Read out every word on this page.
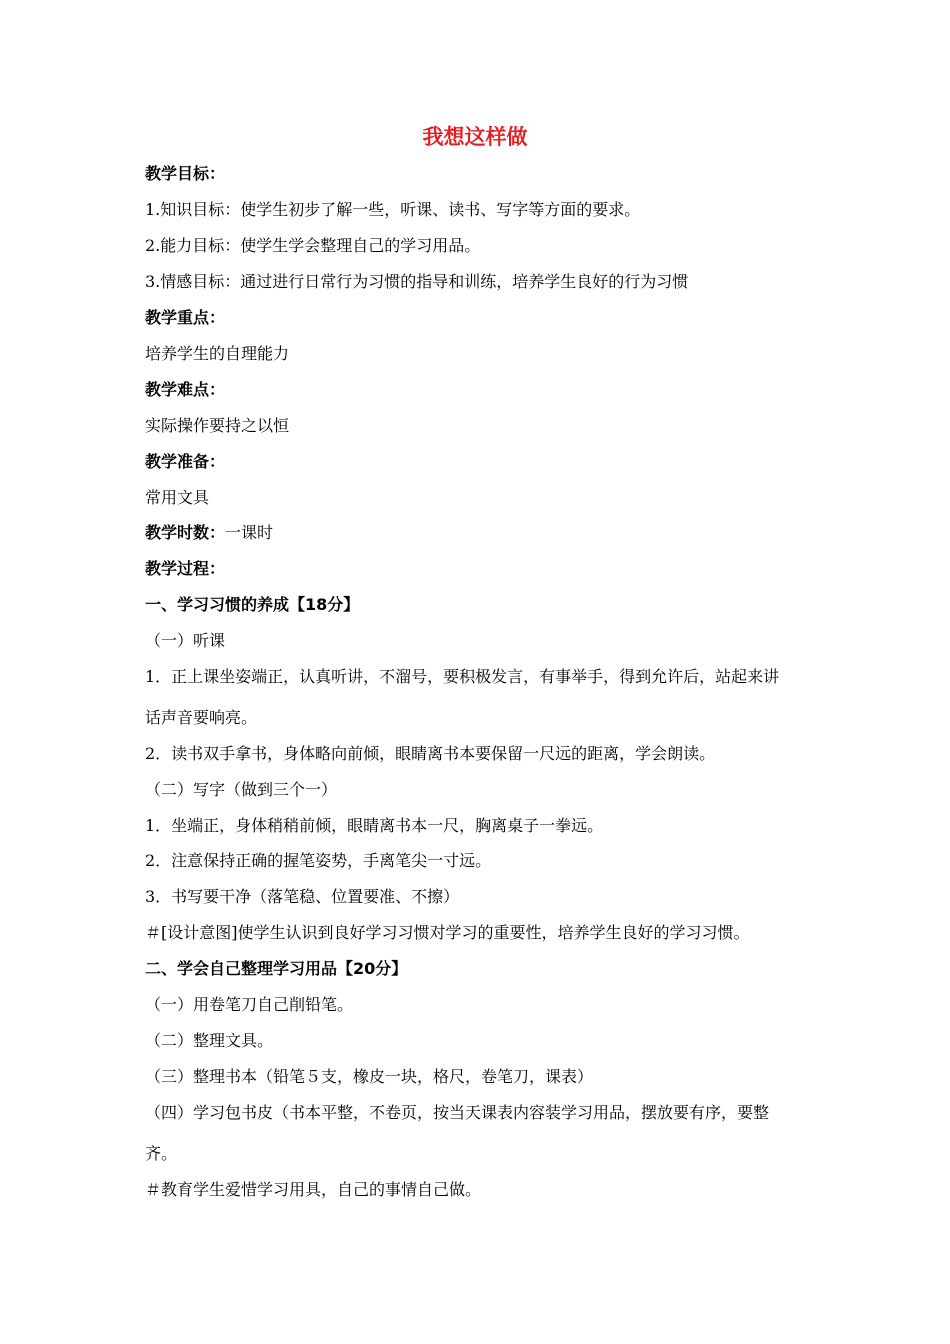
我想这样做
教学目标：
1.知识目标：使学生初步了解一些，听课、读书、写字等方面的要求。
2.能力目标：使学生学会整理自己的学习用品。
3.情感目标：通过进行日常行为习惯的指导和训练，培养学生良好的行为习惯
教学重点：
培养学生的自理能力
教学难点：
实际操作要持之以恒
教学准备：
常用文具
教学时数：一课时
教学过程：
一、学习习惯的养成【18分】
（一）听课
1．正上课坐姿端正，认真听讲，不溜号，要积极发言，有事举手，得到允许后，站起来讲
话声音要响亮。
2．读书双手拿书，身体略向前倾，眼睛离书本要保留一尺远的距离，学会朗读。
（二）写字（做到三个一）
1．坐端正，身体稍稍前倾，眼睛离书本一尺，胸离桌子一拳远。
2．注意保持正确的握笔姿势，手离笔尖一寸远。
3．书写要干净（落笔稳、位置要准、不擦）
＃[设计意图]使学生认识到良好学习习惯对学习的重要性，培养学生良好的学习习惯。
二、学会自己整理学习用品【20分】
（一）用卷笔刀自己削铅笔。
（二）整理文具。
（三）整理书本（铅笔５支，橡皮一块，格尺，卷笔刀，课表）
（四）学习包书皮（书本平整，不卷页，按当天课表内容装学习用品，摆放要有序，要整
齐。
＃教育学生爱惜学习用具，自己的事情自己做。
